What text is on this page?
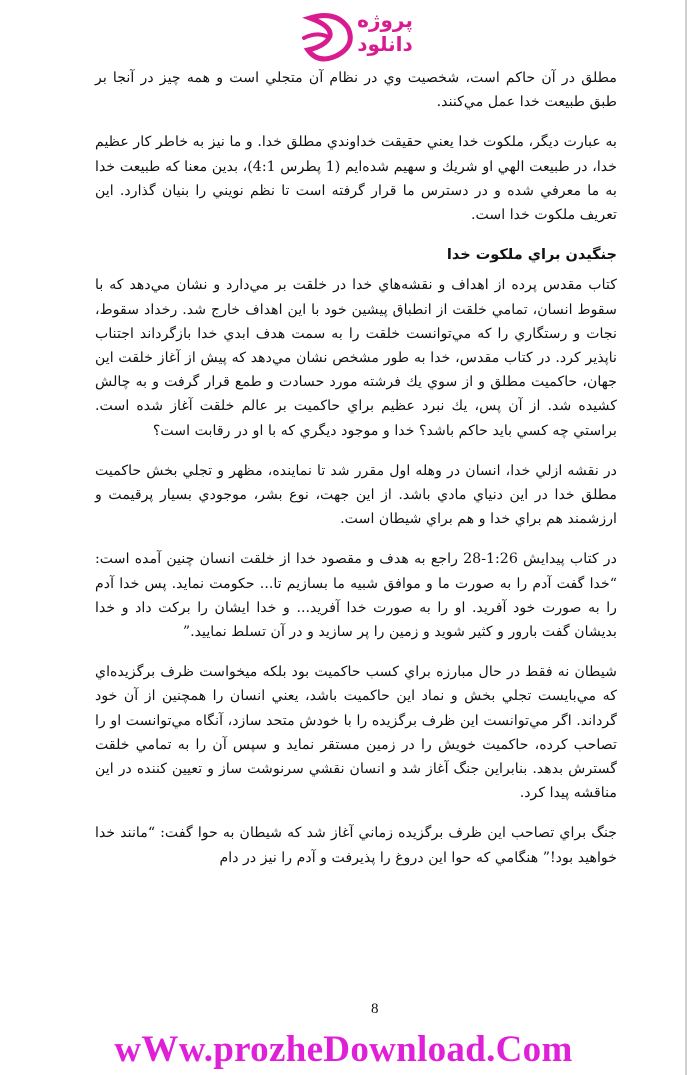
پروژه دانلود

مطلق در آن حاكم است، شخصيت وي در نظام آن متجلي است و همه چيز در آنجا بر طبق طبيعت خدا عمل مي‌كنند.

به عبارت ديگر، ملكوت خدا يعني حقيقت خداوندي مطلق خدا. و ما نيز به خاطر كار عظيم خدا، در طبيعت الهي او شريك و سهيم شده‌ايم (1 پطرس 4:1)، بدين معنا كه طبيعت خدا به ما معرفي شده و در دسترس ما قرار گرفته است تا نظم نويني را بنيان گذارد. اين تعريف ملكوت خدا است.

جنگيدن براي ملكوت خدا

كتاب مقدس پرده از اهداف و نقشه‌هاي خدا در خلقت بر مي‌دارد و نشان مي‌دهد كه با سقوط انسان، تمامي خلقت از انطباق پيشين خود با اين اهداف خارج شد. رخداد سقوط، نجات و رستگاري را كه مي‌توانست خلقت را به سمت هدف ابدي خدا بازگرداند اجتناب ناپذير كرد. در كتاب مقدس، خدا به طور مشخص نشان مي‌دهد كه پيش از آغاز خلقت اين جهان، حاكميت مطلق و از سوي يك فرشته مورد حسادت و طمع قرار گرفت و به چالش كشيده شد. از آن پس، يك نبرد عظيم براي حاكميت بر عالم خلقت آغاز شده است. براستي چه كسي بايد حاكم باشد؟ خدا و موجود ديگري كه با او در رقابت است؟

در نقشه ازلي خدا، انسان در وهله اول مقرر شد تا نماينده، مظهر و تجلي بخش حاكميت مطلق خدا در اين دنياي مادي باشد. از اين جهت، نوع بشر، موجودي بسيار پرقيمت و ارزشمند هم براي خدا و هم براي شيطان است.

در كتاب پيدايش 1:26-28 راجع به هدف و مقصود خدا از خلقت انسان چنين آمده است: “خدا گفت آدم را به صورت ما و موافق شبيه ما بسازيم تا... حكومت نمايد. پس خدا آدم را به صورت خود آفريد. او را به صورت خدا آفريد... و خدا ايشان را بركت داد و خدا بديشان گفت بارور و كثير شويد و زمين را پر سازيد و در آن تسلط نماييد.”

شيطان نه فقط در حال مبارزه براي كسب حاكميت بود بلكه ميخواست ظرف برگزيده‌اي كه مي‌بايست تجلي بخش و نماد اين حاكميت باشد، يعني انسان را همچنين از آن خود گرداند. اگر مي‌توانست اين ظرف برگزيده را با خودش متحد سازد، آنگاه مي‌توانست او را تصاحب كرده، حاكميت خويش را در زمين مستقر نمايد و سپس آن را به تمامي خلقت گسترش بدهد. بنابراين جنگ آغاز شد و انسان نقشي سرنوشت ساز و تعيين كننده در اين مناقشه پيدا كرد.

جنگ براي تصاحب اين ظرف برگزيده زماني آغاز شد كه شيطان به حوا گفت: “مانند خدا خواهيد بود!” هنگامي كه حوا اين دروغ را پذيرفت و آدم را نيز در دام

8
wWw.prozheDownload.Com
